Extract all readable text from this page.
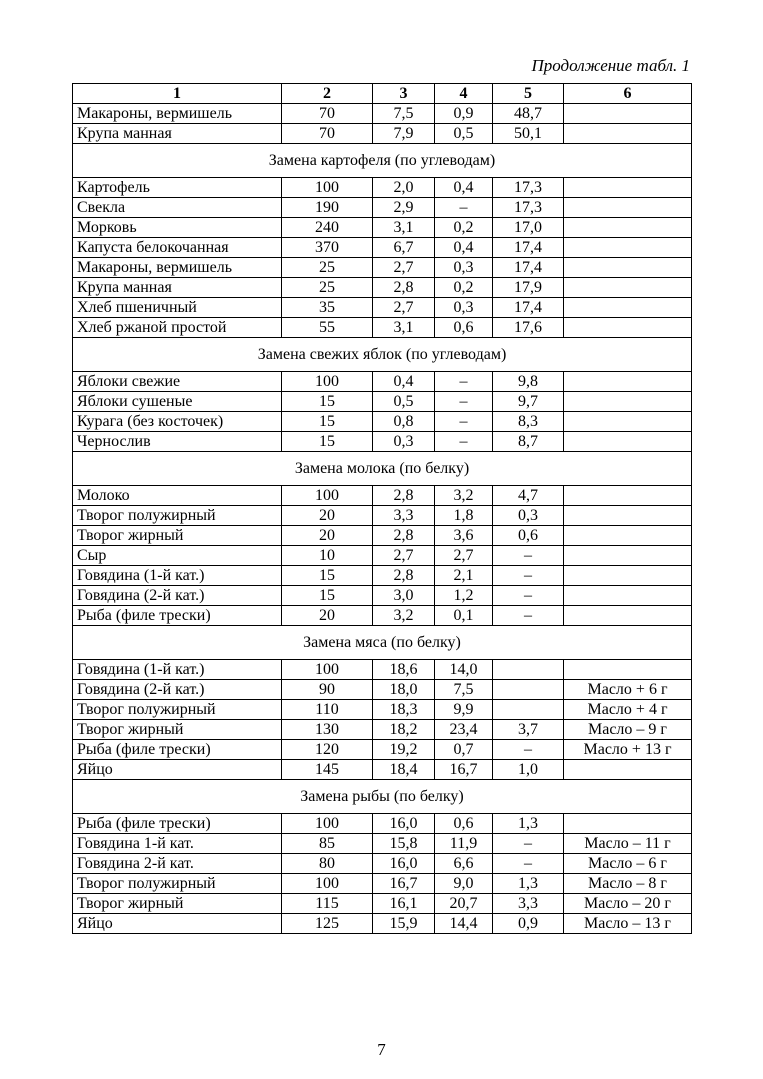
Продолжение табл. 1
1	2	3	4	5	6
Макароны, вермишель	70	7,5	0,9	48,7	
Крупа манная	70	7,9	0,5	50,1	
Замена картофеля (по углеводам)					
Картофель	100	2,0	0,4	17,3	
Свекла	190	2,9	–	17,3	
Морковь	240	3,1	0,2	17,0	
Капуста белокочанная	370	6,7	0,4	17,4	
Макароны, вермишель	25	2,7	0,3	17,4	
Крупа манная	25	2,8	0,2	17,9	
Хлеб пшеничный	35	2,7	0,3	17,4	
Хлеб ржаной простой	55	3,1	0,6	17,6	
Замена свежих яблок (по углеводам)					
Яблоки свежие	100	0,4	–	9,8	
Яблоки сушеные	15	0,5	–	9,7	
Курага (без косточек)	15	0,8	–	8,3	
Чернослив	15	0,3	–	8,7	
Замена молока (по белку)					
Молоко	100	2,8	3,2	4,7	
Творог полужирный	20	3,3	1,8	0,3	
Творог жирный	20	2,8	3,6	0,6	
Сыр	10	2,7	2,7	–	
Говядина (1-й кат.)	15	2,8	2,1	–	
Говядина (2-й кат.)	15	3,0	1,2	–	
Рыба (филе трески)	20	3,2	0,1	–	
Замена мяса (по белку)					
Говядина (1-й кат.)	100	18,6	14,0		
Говядина (2-й кат.)	90	18,0	7,5		Масло + 6 г
Творог полужирный	110	18,3	9,9		Масло + 4 г
Творог жирный	130	18,2	23,4	3,7	Масло – 9 г
Рыба (филе трески)	120	19,2	0,7	–	Масло + 13 г
Яйцо	145	18,4	16,7	1,0	
Замена рыбы (по белку)					
Рыба (филе трески)	100	16,0	0,6	1,3	
Говядина 1-й кат.	85	15,8	11,9	–	Масло – 11 г
Говядина 2-й кат.	80	16,0	6,6	–	Масло – 6 г
Творог полужирный	100	16,7	9,0	1,3	Масло – 8 г
Творог жирный	115	16,1	20,7	3,3	Масло – 20 г
Яйцо	125	15,9	14,4	0,9	Масло – 13 г
7
